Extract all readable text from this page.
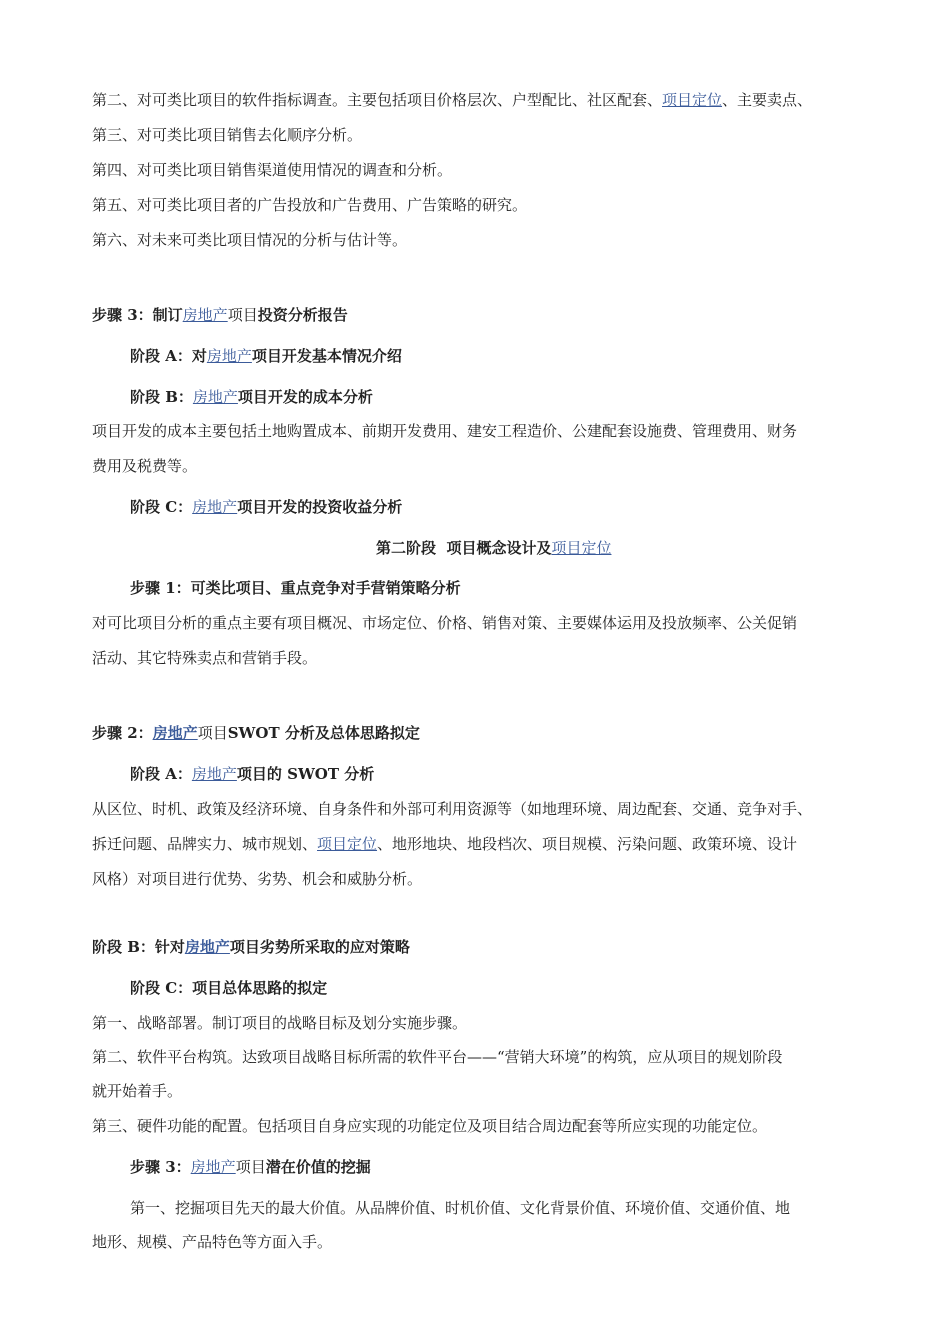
第二、对可类比项目的软件指标调查。主要包括项目价格层次、户型配比、社区配套、项目定位、主要卖点、
第三、对可类比项目销售去化顺序分析。
第四、对可类比项目销售渠道使用情况的调查和分析。
第五、对可类比项目者的广告投放和广告费用、广告策略的研究。
第六、对未来可类比项目情况的分析与估计等。
步骤 3：制订房地产项目投资分析报告
阶段 A：对房地产项目开发基本情况介绍
阶段 B：房地产项目开发的成本分析
项目开发的成本主要包括土地购置成本、前期开发费用、建安工程造价、公建配套设施费、管理费用、财务
费用及税费等。
阶段 C：房地产项目开发的投资收益分析
第二阶段  项目概念设计及项目定位
步骤 1：可类比项目、重点竞争对手营销策略分析
对可比项目分析的重点主要有项目概况、市场定位、价格、销售对策、主要媒体运用及投放频率、公关促销
活动、其它特殊卖点和营销手段。
步骤 2：房地产项目SWOT 分析及总体思路拟定
阶段 A：房地产项目的 SWOT 分析
从区位、时机、政策及经济环境、自身条件和外部可利用资源等（如地理环境、周边配套、交通、竞争对手、
拆迁问题、品牌实力、城市规划、项目定位、地形地块、地段档次、项目规模、污染问题、政策环境、设计
风格）对项目进行优势、劣势、机会和威胁分析。
阶段 B：针对房地产项目劣势所采取的应对策略
阶段 C：项目总体思路的拟定
第一、战略部署。制订项目的战略目标及划分实施步骤。
第二、软件平台构筑。达致项目战略目标所需的软件平台——“营销大环境”的构筑，应从项目的规划阶段
就开始着手。
第三、硬件功能的配置。包括项目自身应实现的功能定位及项目结合周边配套等所应实现的功能定位。
步骤 3：房地产项目潜在价值的挖掘
第一、挖掘项目先天的最大价值。从品牌价值、时机价值、文化背景价值、环境价值、交通价值、地
地形、规模、产品特色等方面入手。
